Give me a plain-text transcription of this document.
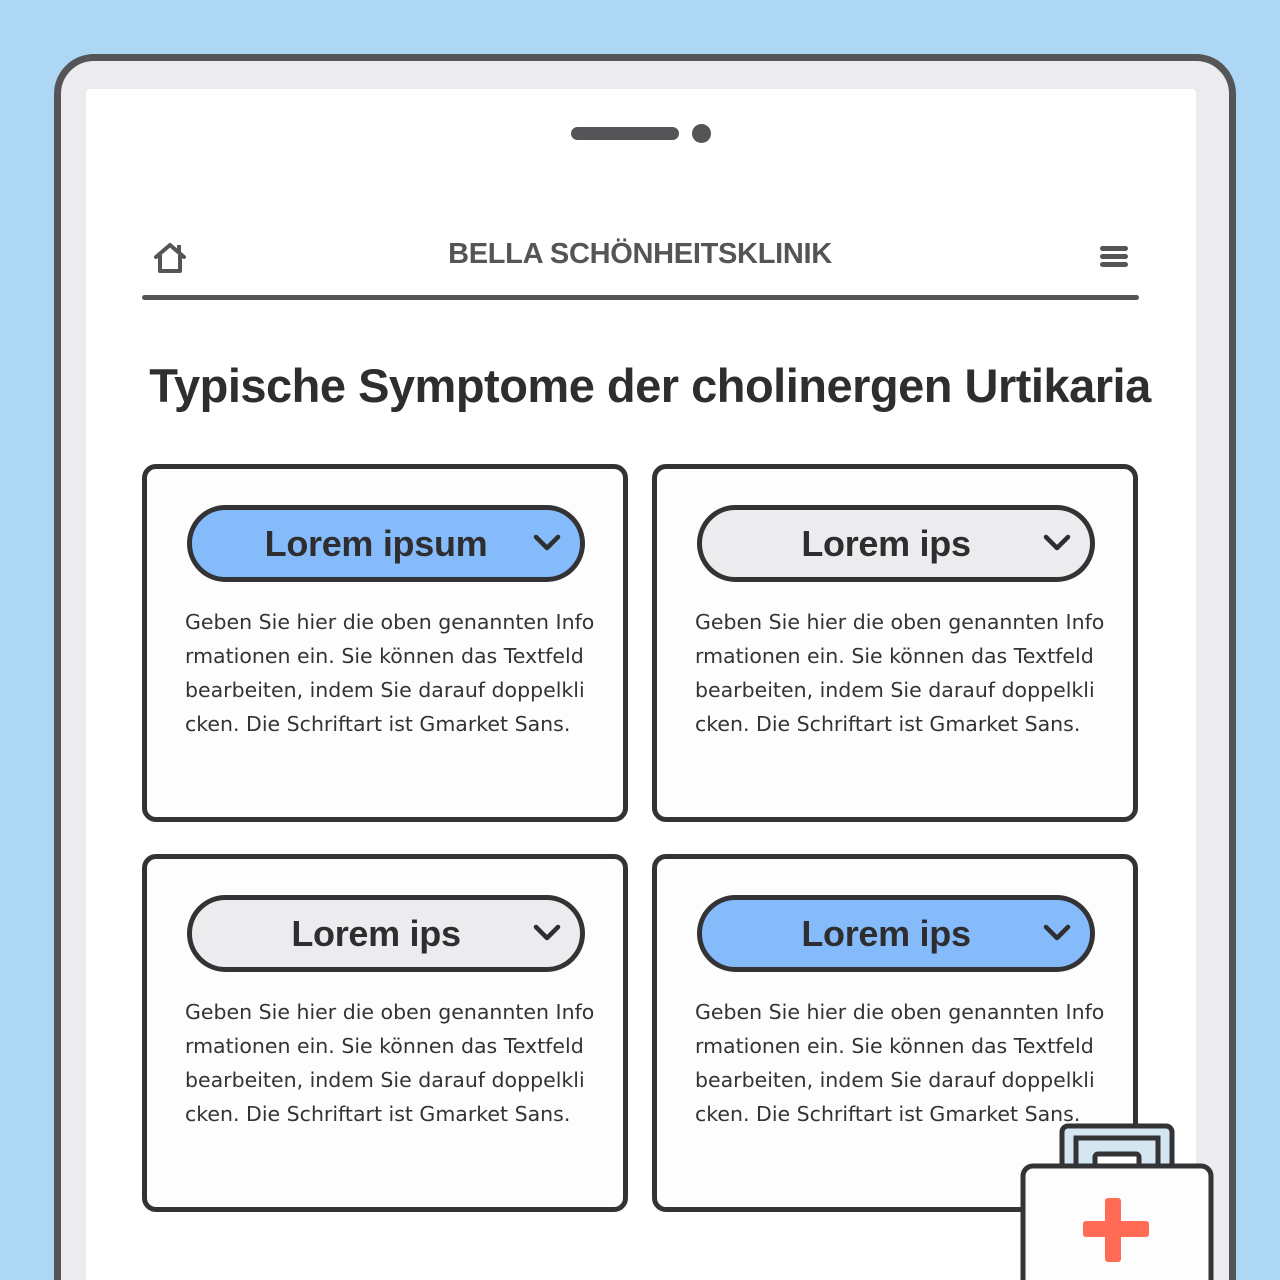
BELLA SCHÖNHEITSKLINIK
Typische Symptome der cholinergen Urtikaria
Lorem ipsum

Geben Sie hier die oben genannten Informationen ein. Sie können das Textfeld bearbeiten, indem Sie darauf doppelklicken. Die Schriftart ist Gmarket Sans.

Lorem ips

Geben Sie hier die oben genannten Informationen ein. Sie können das Textfeld bearbeiten, indem Sie darauf doppelklicken. Die Schriftart ist Gmarket Sans.

Lorem ips

Geben Sie hier die oben genannten Informationen ein. Sie können das Textfeld bearbeiten, indem Sie darauf doppelklicken. Die Schriftart ist Gmarket Sans.

Lorem ips

Geben Sie hier die oben genannten Informationen ein. Sie können das Textfeld bearbeiten, indem Sie darauf doppelklicken. Die Schriftart ist Gmarket Sans.
